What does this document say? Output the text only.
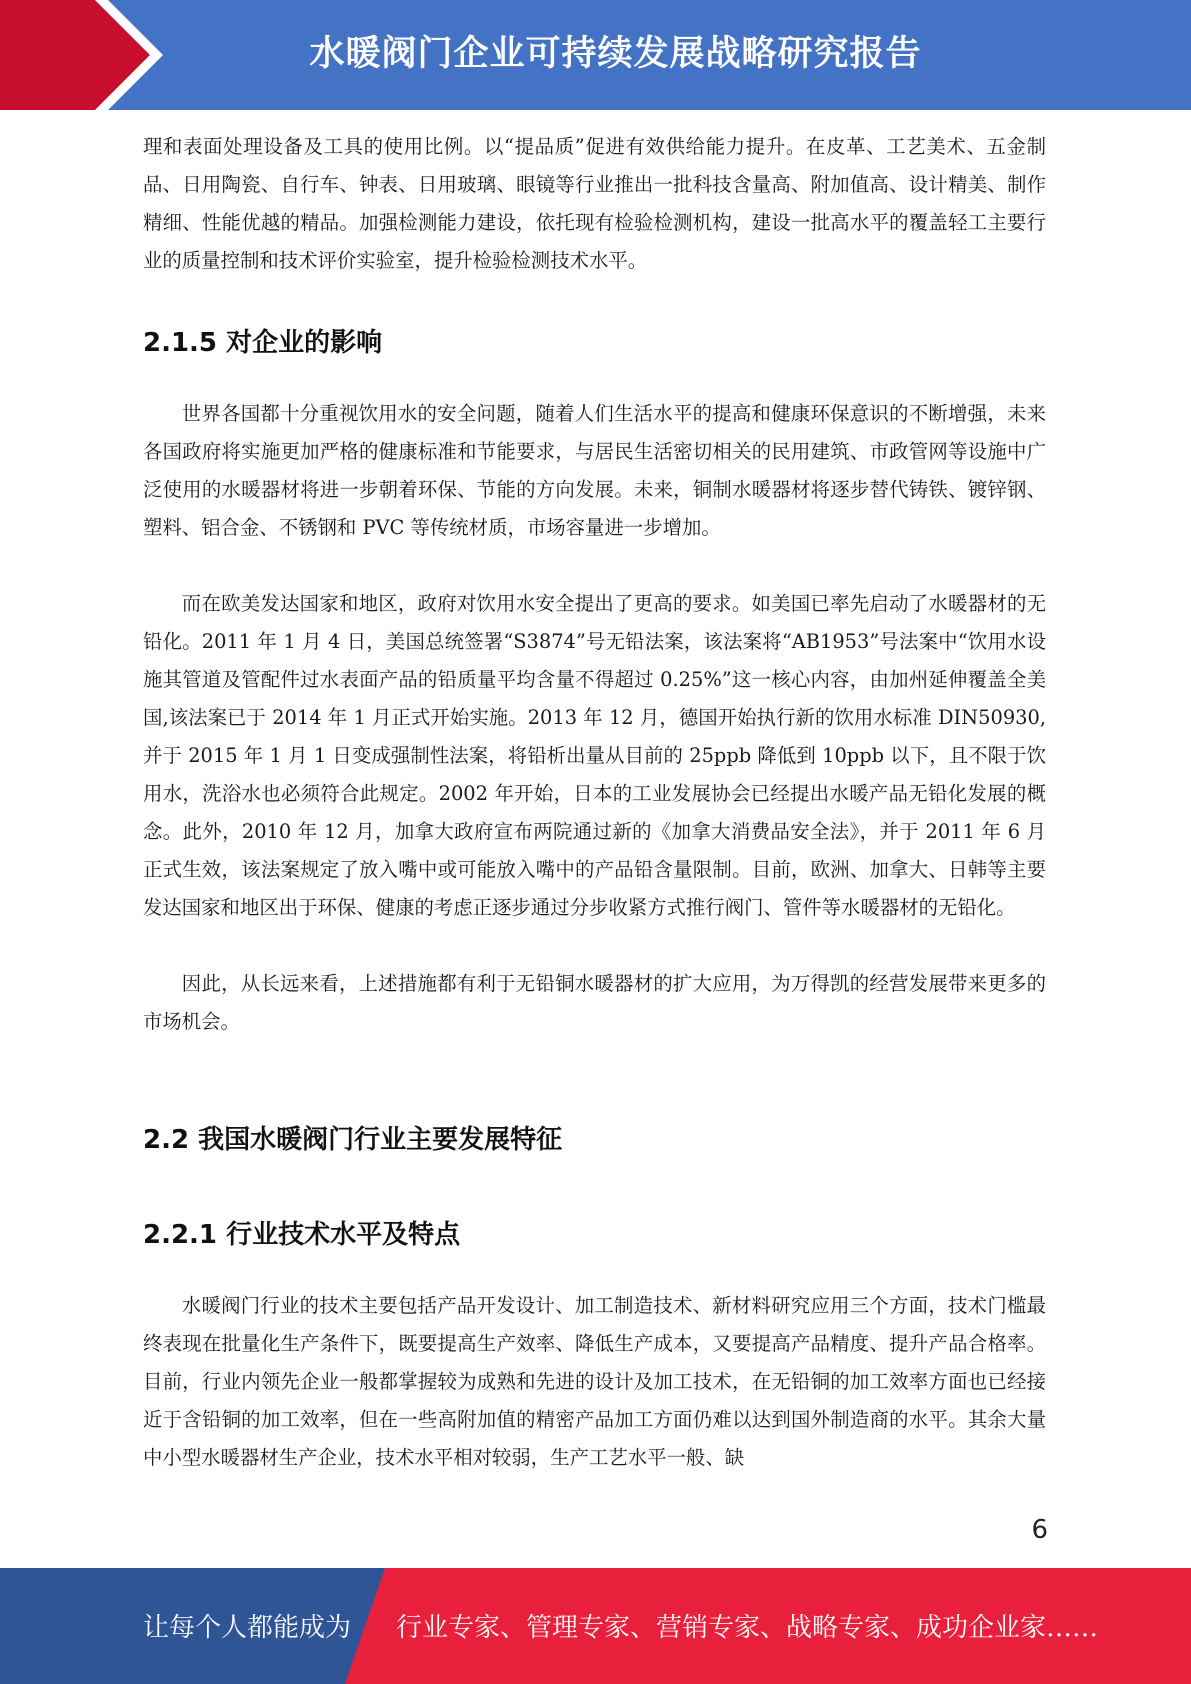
水暖阀门企业可持续发展战略研究报告

理和表面处理设备及工具的使用比例。以“提品质”促进有效供给能力提升。在皮革、工艺美术、五金制品、日用陶瓷、自行车、钟表、日用玻璃、眼镜等行业推出一批科技含量高、附加值高、设计精美、制作精细、性能优越的精品。加强检测能力建设，依托现有检验检测机构，建设一批高水平的覆盖轻工主要行业的质量控制和技术评价实验室，提升检验检测技术水平。

2.1.5 对企业的影响

世界各国都十分重视饮用水的安全问题，随着人们生活水平的提高和健康环保意识的不断增强，未来各国政府将实施更加严格的健康标准和节能要求，与居民生活密切相关的民用建筑、市政管网等设施中广泛使用的水暖器材将进一步朝着环保、节能的方向发展。未来，铜制水暖器材将逐步替代铸铁、镀锌钢、塑料、铝合金、不锈钢和 PVC 等传统材质，市场容量进一步增加。

而在欧美发达国家和地区，政府对饮用水安全提出了更高的要求。如美国已率先启动了水暖器材的无铅化。2011 年 1 月 4 日，美国总统签署“S3874”号无铅法案，该法案将“AB1953”号法案中“饮用水设施其管道及管配件过水表面产品的铅质量平均含量不得超过 0.25%”这一核心内容，由加州延伸覆盖全美国,该法案已于 2014 年 1 月正式开始实施。2013 年 12 月，德国开始执行新的饮用水标准 DIN50930,并于 2015 年 1 月 1 日变成强制性法案，将铅析出量从目前的 25ppb 降低到 10ppb 以下，且不限于饮用水，洗浴水也必须符合此规定。2002 年开始，日本的工业发展协会已经提出水暖产品无铅化发展的概念。此外，2010 年 12 月，加拿大政府宣布两院通过新的《加拿大消费品安全法》，并于 2011 年 6 月正式生效，该法案规定了放入嘴中或可能放入嘴中的产品铅含量限制。目前，欧洲、加拿大、日韩等主要发达国家和地区出于环保、健康的考虑正逐步通过分步收紧方式推行阀门、管件等水暖器材的无铅化。

因此，从长远来看，上述措施都有利于无铅铜水暖器材的扩大应用，为万得凯的经营发展带来更多的市场机会。

2.2 我国水暖阀门行业主要发展特征
2.2.1 行业技术水平及特点

水暖阀门行业的技术主要包括产品开发设计、加工制造技术、新材料研究应用三个方面，技术门槛最终表现在批量化生产条件下，既要提高生产效率、降低生产成本，又要提高产品精度、提升产品合格率。目前，行业内领先企业一般都掌握较为成熟和先进的设计及加工技术，在无铅铜的加工效率方面也已经接近于含铅铜的加工效率，但在一些高附加值的精密产品加工方面仍难以达到国外制造商的水平。其余大量中小型水暖器材生产企业，技术水平相对较弱，生产工艺水平一般、缺

6
让每个人都能成为 行业专家、管理专家、营销专家、战略专家、成功企业家……
